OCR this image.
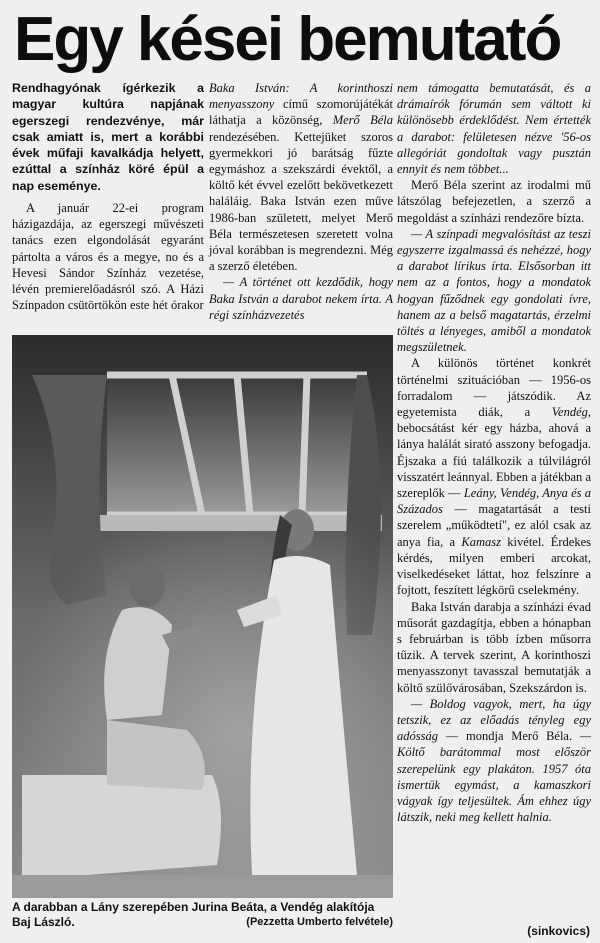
Egy kései bemutató

Rendhagyónak ígérkezik a magyar kultúra napjának egerszegi rendezvénye, már csak amiatt is, mert a korábbi évek műfaji kavalkádja helyett, ezúttal a színház köré épül a nap eseménye.

A január 22-ei program házigazdája, az egerszegi művészeti tanács ezen elgondolását egyaránt pártolta a város és a megye, no és a Hevesi Sándor Színház vezetése, lévén premierelőadásról szó. A Házi Színpadon csütörtökön este hét órakor

Baka István: A korinthoszi menyasszony című szomorújátékát láthatja a közönség, Merő Béla rendezésében. Kettejüket szoros gyermekkori jó barátság fűzte egymáshoz a szekszárdi évektől, a költő két évvel ezelőtt bekövetkezett haláláig. Baka István ezen műve 1986-ban született, melyet Merő Béla természetesen szeretett volna jóval korábban is megrendezni. Még a szerző életében.

— A történet ott kezdődik, hogy Baka István a darabot nekem írta. A régi színházvezetés

A darabban a Lány szerepében Jurina Beáta, a Vendég alakítója Baj László.	(Pezzetta Umberto felvétele)

nem támogatta bemutatását, és a drámaírók fórumán sem váltott ki különösebb érdeklődést. Nem értették a darabot: felületesen nézve '56-os allegóriát gondoltak vagy pusztán ennyit és nem többet...

Merő Béla szerint az irodalmi mű látszólag befejezetlen, a szerző a megoldást a színházi rendezőre bízta.

— A színpadi megvalósítást az teszi egyszerre izgalmassá és nehézzé, hogy a darabot lírikus írta. Elsősorban itt nem az a fontos, hogy a mondatok hogyan fűződnek egy gondolati ívre, hanem az a belső magatartás, érzelmi töltés a lényeges, amiből a mondatok megszületnek.

A különös történet konkrét történelmi szituációban — 1956-os forradalom — játszódik. Az egyetemista diák, a Vendég, bebocsátást kér egy házba, ahová a lánya halálát sirató asszony befogadja. Éjszaka a fiú találkozik a túlvilágról visszatért leánnyal. Ebben a játékban a szereplők — Leány, Vendég, Anya és a Százados — magatartását a testi szerelem „működtetí", ez alól csak az anya fia, a Kamasz kivétel. Érdekes kérdés, milyen emberi arcokat, viselkedéseket láttat, hoz felszínre a fojtott, feszített légkörű cselekmény.

Baka István darabja a színházi évad műsorát gazdagítja, ebben a hónapban s februárban is több ízben műsorra tűzik. A tervek szerint, A korinthoszi menyasszonyt tavasszal bemutatják a költő szülővárosában, Szekszárdon is.

— Boldog vagyok, mert, ha úgy tetszik, ez az előadás tényleg egy adósság — mondja Merő Béla. —Költő barátommal most először szerepelünk egy plakáton. 1957 óta ismertük egymást, a kamaszkori vágyak így teljesültek. Ám ehhez úgy látszik, neki meg kellett halnia.

(sinkovics)
